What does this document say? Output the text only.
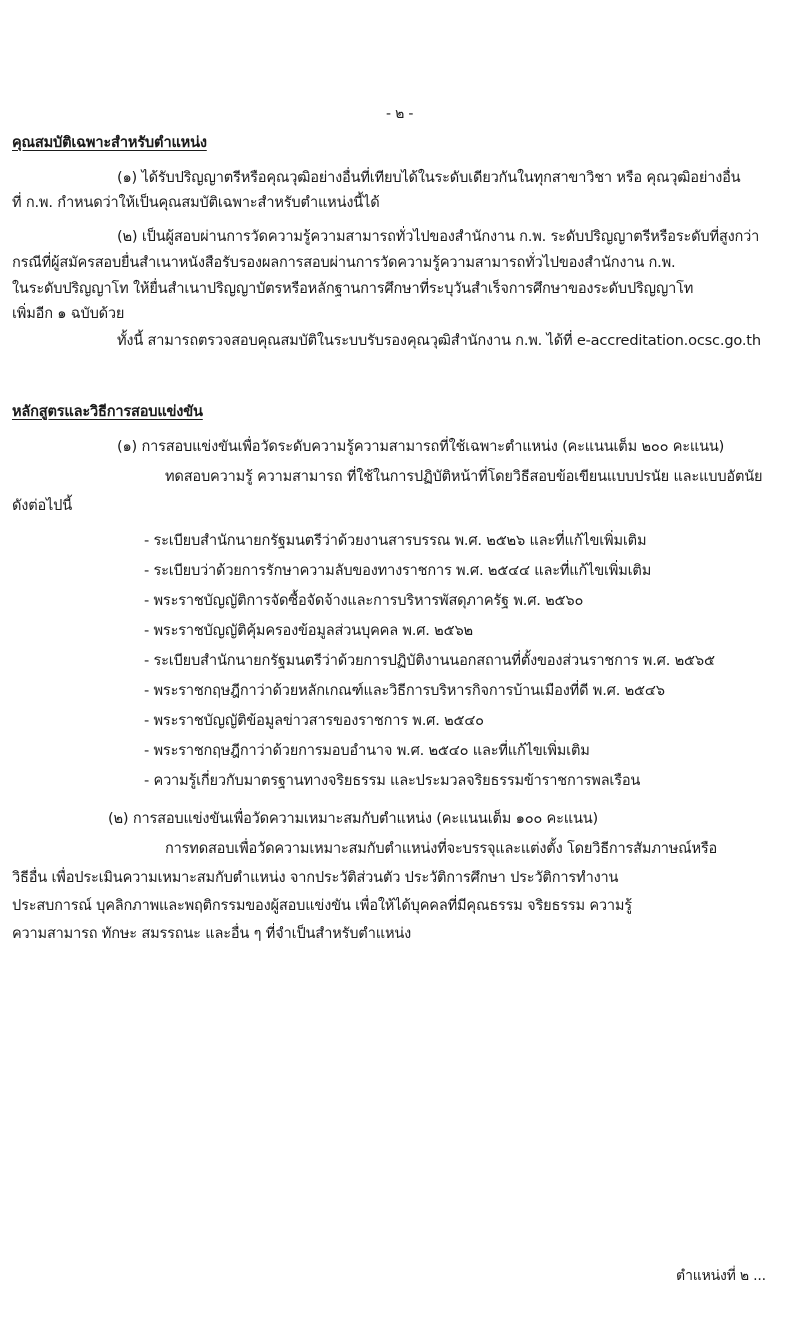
- ๒ -
คุณสมบัติเฉพาะสำหรับตำแหน่ง
(๑) ได้รับปริญญาตรีหรือคุณวุฒิอย่างอื่นที่เทียบได้ในระดับเดียวกันในทุกสาขาวิชา หรือ คุณวุฒิอย่างอื่น
ที่ ก.พ. กำหนดว่าให้เป็นคุณสมบัติเฉพาะสำหรับตำแหน่งนี้ได้
(๒) เป็นผู้สอบผ่านการวัดความรู้ความสามารถทั่วไปของสำนักงาน ก.พ. ระดับปริญญาตรีหรือระดับที่สูงกว่า
กรณีที่ผู้สมัครสอบยื่นสำเนาหนังสือรับรองผลการสอบผ่านการวัดความรู้ความสามารถทั่วไปของสำนักงาน ก.พ.
ในระดับปริญญาโท ให้ยื่นสำเนาปริญญาบัตรหรือหลักฐานการศึกษาที่ระบุวันสำเร็จการศึกษาของระดับปริญญาโท
เพิ่มอีก ๑ ฉบับด้วย
ทั้งนี้ สามารถตรวจสอบคุณสมบัติในระบบรับรองคุณวุฒิสำนักงาน ก.พ. ได้ที่ e-accreditation.ocsc.go.th
หลักสูตรและวิธีการสอบแข่งขัน
(๑) การสอบแข่งขันเพื่อวัดระดับความรู้ความสามารถที่ใช้เฉพาะตำแหน่ง (คะแนนเต็ม ๒๐๐ คะแนน)
ทดสอบความรู้ ความสามารถ ที่ใช้ในการปฏิบัติหน้าที่โดยวิธีสอบข้อเขียนแบบปรนัย และแบบอัตนัย
ดังต่อไปนี้
- ระเบียบสำนักนายกรัฐมนตรีว่าด้วยงานสารบรรณ พ.ศ. ๒๕๒๖ และที่แก้ไขเพิ่มเติม
- ระเบียบว่าด้วยการรักษาความลับของทางราชการ พ.ศ. ๒๕๔๔ และที่แก้ไขเพิ่มเติม
- พระราชบัญญัติการจัดซื้อจัดจ้างและการบริหารพัสดุภาครัฐ พ.ศ. ๒๕๖๐
- พระราชบัญญัติคุ้มครองข้อมูลส่วนบุคคล พ.ศ. ๒๕๖๒
- ระเบียบสำนักนายกรัฐมนตรีว่าด้วยการปฏิบัติงานนอกสถานที่ตั้งของส่วนราชการ พ.ศ. ๒๕๖๕
- พระราชกฤษฎีกาว่าด้วยหลักเกณฑ์และวิธีการบริหารกิจการบ้านเมืองที่ดี พ.ศ. ๒๕๔๖
- พระราชบัญญัติข้อมูลข่าวสารของราชการ พ.ศ. ๒๕๔๐
- พระราชกฤษฎีกาว่าด้วยการมอบอำนาจ พ.ศ. ๒๕๔๐ และที่แก้ไขเพิ่มเติม
- ความรู้เกี่ยวกับมาตรฐานทางจริยธรรม และประมวลจริยธรรมข้าราชการพลเรือน
(๒) การสอบแข่งขันเพื่อวัดความเหมาะสมกับตำแหน่ง (คะแนนเต็ม ๑๐๐ คะแนน)
การทดสอบเพื่อวัดความเหมาะสมกับตำแหน่งที่จะบรรจุและแต่งตั้ง โดยวิธีการสัมภาษณ์หรือ
วิธีอื่น เพื่อประเมินความเหมาะสมกับตำแหน่ง จากประวัติส่วนตัว ประวัติการศึกษา ประวัติการทำงาน
ประสบการณ์ บุคลิกภาพและพฤติกรรมของผู้สอบแข่งขัน เพื่อให้ได้บุคคลที่มีคุณธรรม จริยธรรม ความรู้
ความสามารถ ทักษะ สมรรถนะ และอื่น ๆ ที่จำเป็นสำหรับตำแหน่ง
ตำแหน่งที่ ๒ ...
